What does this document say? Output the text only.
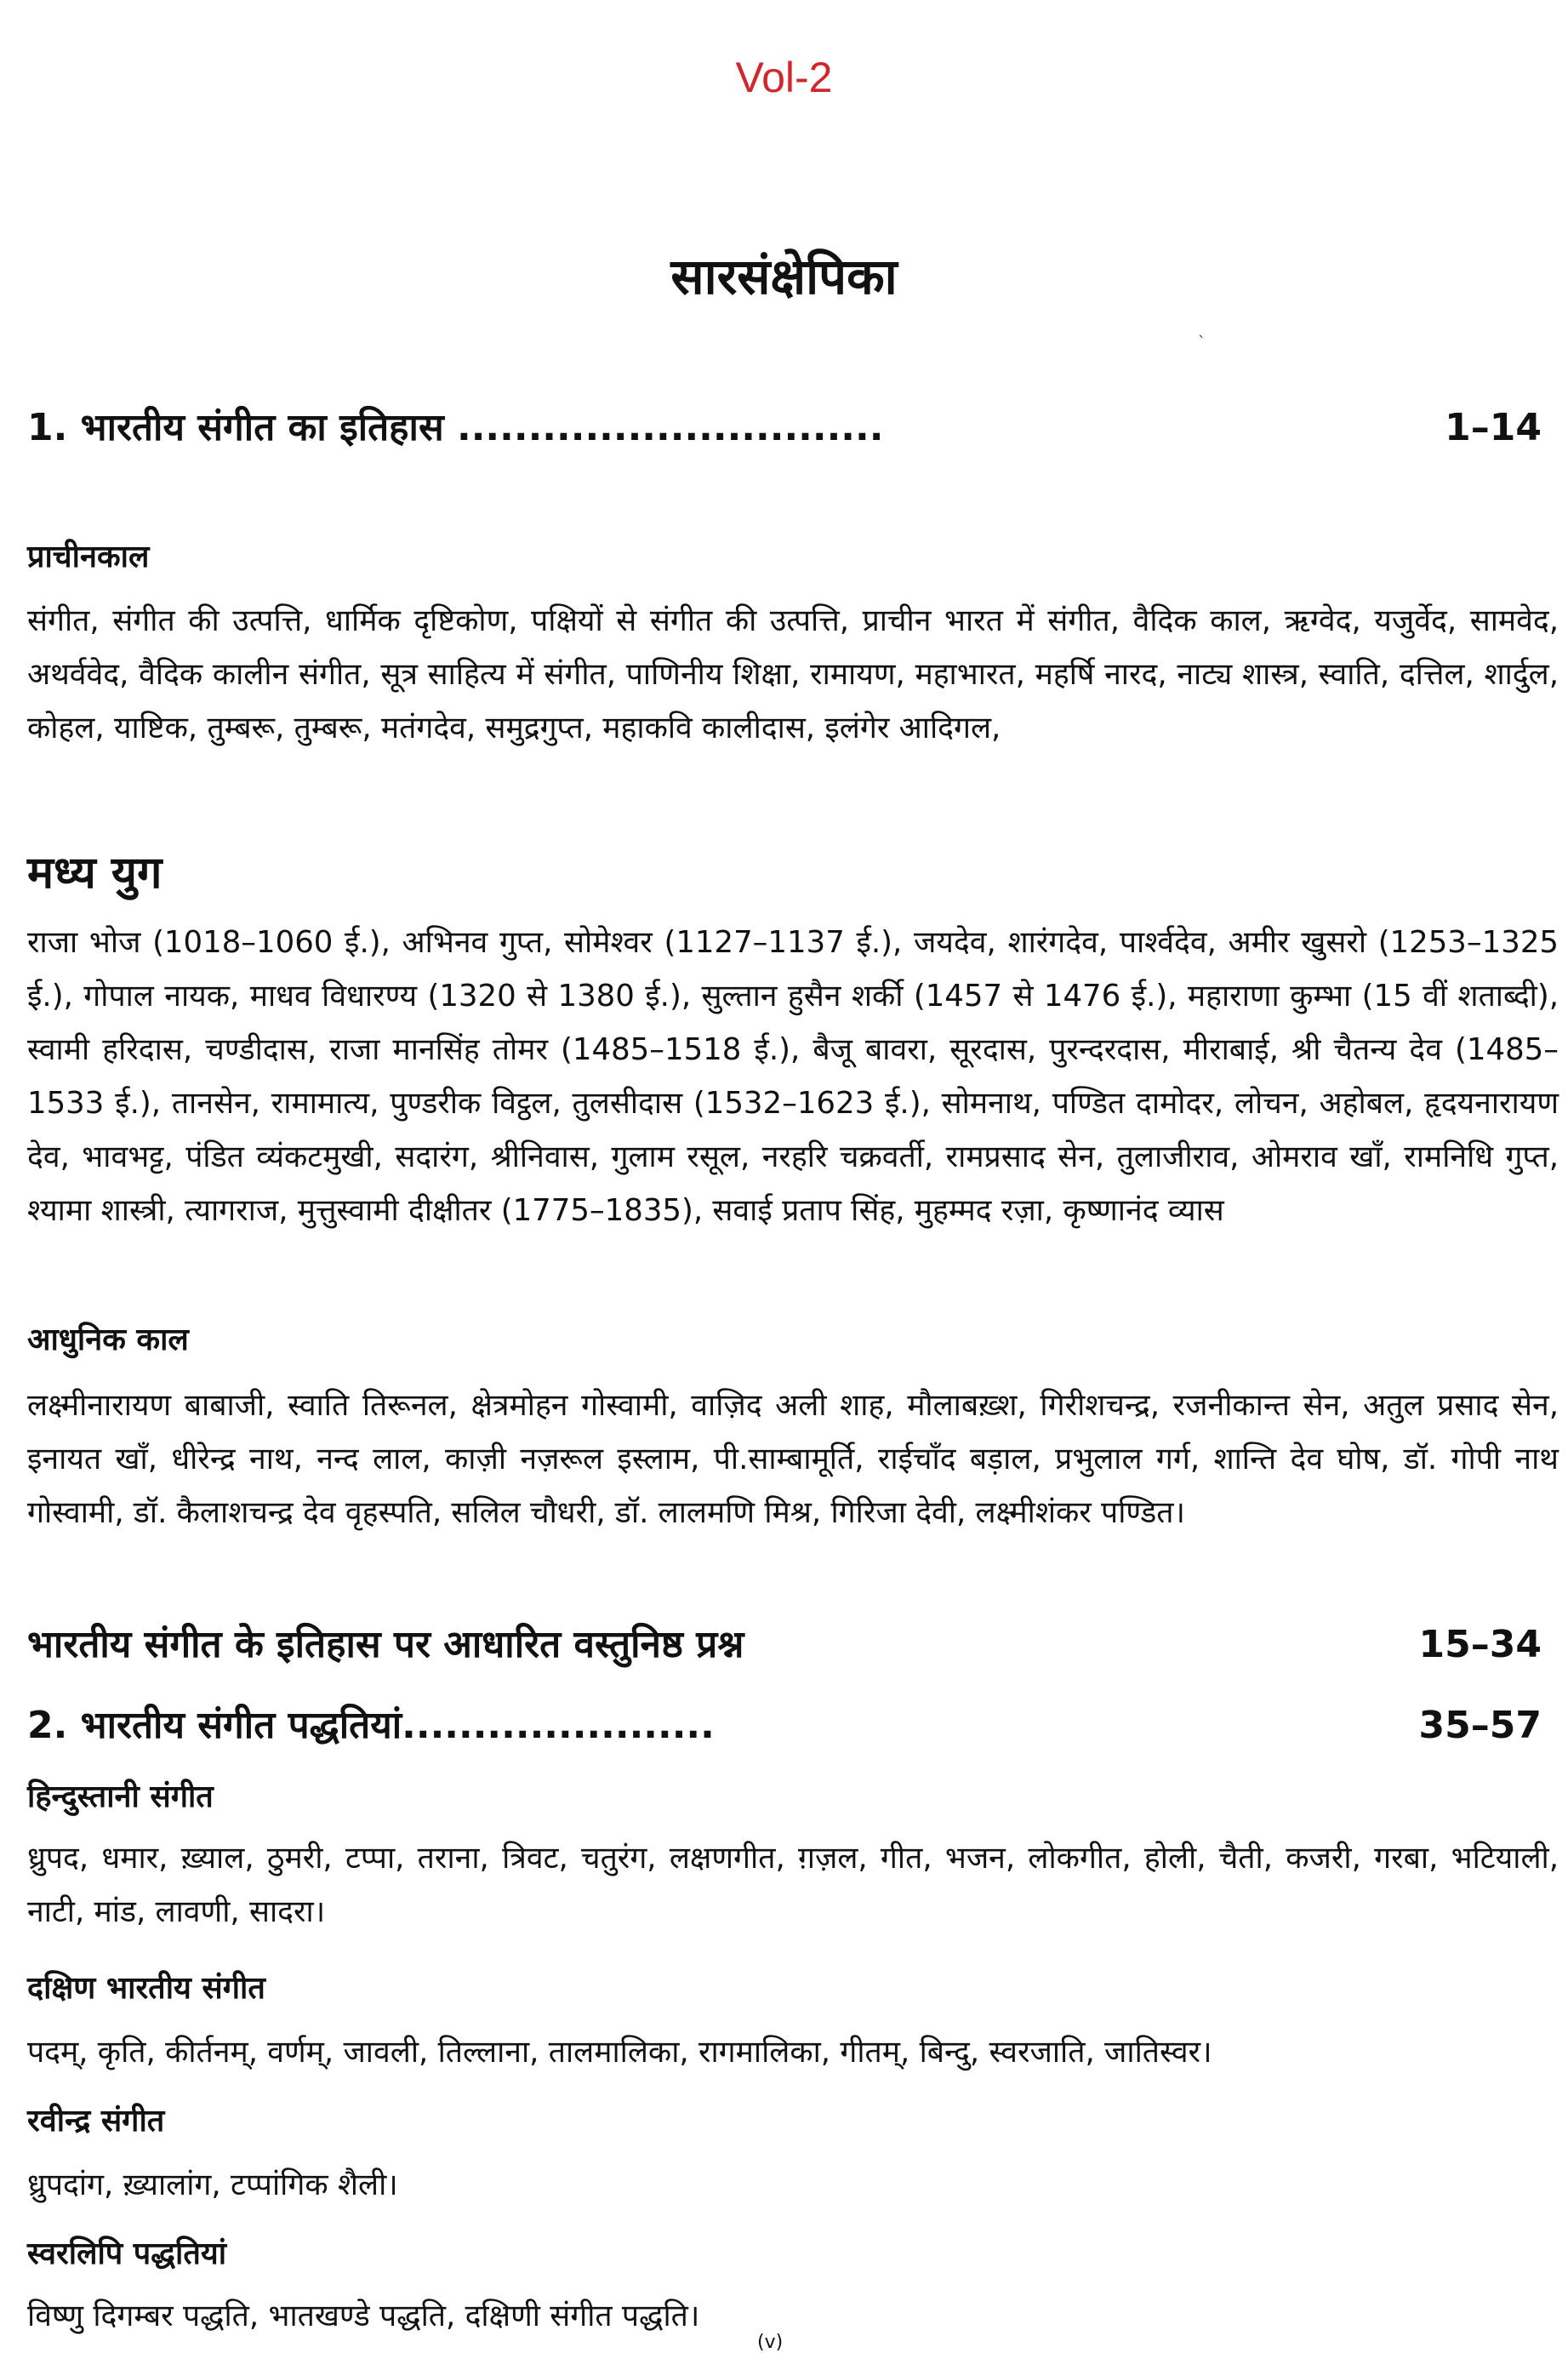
Vol-2
सारसंक्षेपिका
`
1. भारतीय संगीत का इतिहास ..............................	1–14
प्राचीनकाल
संगीत, संगीत की उत्पत्ति, धार्मिक दृष्टिकोण, पक्षियों से संगीत की उत्पत्ति, प्राचीन भारत में संगीत, वैदिक काल, ऋग्वेद, यजुर्वेद, सामवेद, अथर्ववेद, वैदिक कालीन संगीत, सूत्र साहित्य में संगीत, पाणिनीय शिक्षा, रामायण, महाभारत, महर्षि नारद, नाट्य शास्त्र, स्वाति, दत्तिल, शार्दुल, कोहल, याष्टिक, तुम्बरू, तुम्बरू, मतंगदेव, समुद्रगुप्त, महाकवि कालीदास, इलंगेर आदिगल,
मध्य युग
राजा भोज (1018–1060 ई.), अभिनव गुप्त, सोमेश्वर (1127–1137 ई.), जयदेव, शारंगदेव, पार्श्वदेव, अमीर खुसरो (1253–1325 ई.), गोपाल नायक, माधव विधारण्य (1320 से 1380 ई.), सुल्तान हुसैन शर्की (1457 से 1476 ई.), महाराणा कुम्भा (15 वीं शताब्दी), स्वामी हरिदास, चण्डीदास, राजा मानसिंह तोमर (1485–1518 ई.), बैजू बावरा, सूरदास, पुरन्दरदास, मीराबाई, श्री चैतन्य देव (1485–1533 ई.), तानसेन, रामामात्य, पुण्डरीक विट्ठल, तुलसीदास (1532–1623 ई.), सोमनाथ, पण्डित दामोदर, लोचन, अहोबल, हृदयनारायण देव, भावभट्ट, पंडित व्यंकटमुखी, सदारंग, श्रीनिवास, गुलाम रसूल, नरहरि चक्रवर्ती, रामप्रसाद सेन, तुलाजीराव, ओमराव खाँ, रामनिधि गुप्त, श्यामा शास्त्री, त्यागराज, मुत्तुस्वामी दीक्षीतर (1775–1835), सवाई प्रताप सिंह, मुहम्मद रज़ा, कृष्णानंद व्यास
आधुनिक काल
लक्ष्मीनारायण बाबाजी, स्वाति तिरूनल, क्षेत्रमोहन गोस्वामी, वाज़िद अली शाह, मौलाबख़्श, गिरीशचन्द्र, रजनीकान्त सेन, अतुल प्रसाद सेन, इनायत खाँ, धीरेन्द्र नाथ, नन्द लाल, काज़ी नज़रूल इस्लाम, पी.साम्बामूर्ति, राईचाँद बड़ाल, प्रभुलाल गर्ग, शान्ति देव घोष, डॉ. गोपी नाथ गोस्वामी, डॉ. कैलाशचन्द्र देव वृहस्पति, सलिल चौधरी, डॉ. लालमणि मिश्र, गिरिजा देवी, लक्ष्मीशंकर पण्डित।
भारतीय संगीत के इतिहास पर आधारित वस्तुनिष्ठ प्रश्न	15–34
2. भारतीय संगीत पद्धतियां......................	35–57
हिन्दुस्तानी संगीत
ध्रुपद, धमार, ख़्याल, ठुमरी, टप्पा, तराना, त्रिवट, चतुरंग, लक्षणगीत, ग़ज़ल, गीत, भजन, लोकगीत, होली, चैती, कजरी, गरबा, भटियाली, नाटी, मांड, लावणी, सादरा।
दक्षिण भारतीय संगीत
पदम्, कृति, कीर्तनम्, वर्णम्, जावली, तिल्लाना, तालमालिका, रागमालिका, गीतम्, बिन्दु, स्वरजाति, जातिस्वर।
रवीन्द्र संगीत
ध्रुपदांग, ख़्यालांग, टप्पांगिक शैली।
स्वरलिपि पद्धतियां
विष्णु दिगम्बर पद्धति, भातखण्डे पद्धति, दक्षिणी संगीत पद्धति।
(v)
